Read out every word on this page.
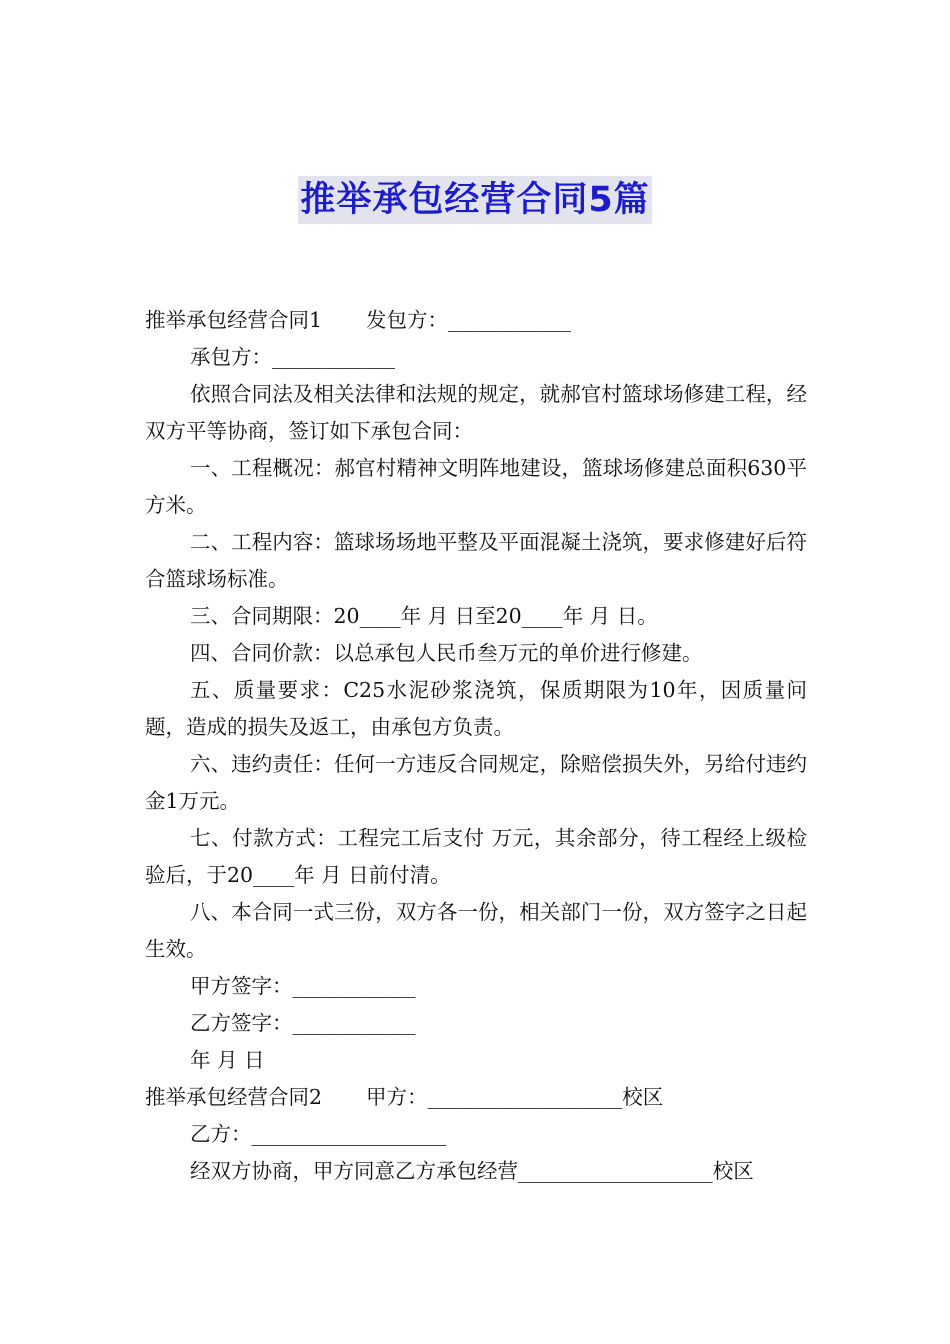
推举承包经营合同5篇
推举承包经营合同1 发包方：____________
承包方：____________
依照合同法及相关法律和法规的规定，就郝官村篮球场修建工程，经双方平等协商，签订如下承包合同：
一、工程概况：郝官村精神文明阵地建设，篮球场修建总面积630平方米。
二、工程内容：篮球场场地平整及平面混凝土浇筑，要求修建好后符合篮球场标准。
三、合同期限：20____年 月 日至20____年 月 日。
四、合同价款：以总承包人民币叁万元的单价进行修建。
五、质量要求：C25水泥砂浆浇筑，保质期限为10年，因质量问题，造成的损失及返工，由承包方负责。
六、违约责任：任何一方违反合同规定，除赔偿损失外，另给付违约金1万元。
七、付款方式：工程完工后支付 万元，其余部分，待工程经上级检验后，于20____年 月 日前付清。
八、本合同一式三份，双方各一份，相关部门一份，双方签字之日起生效。
甲方签字：____________
乙方签字：____________
年 月 日
推举承包经营合同2 甲方：___________________校区
乙方：___________________
经双方协商，甲方同意乙方承包经营___________________校区
